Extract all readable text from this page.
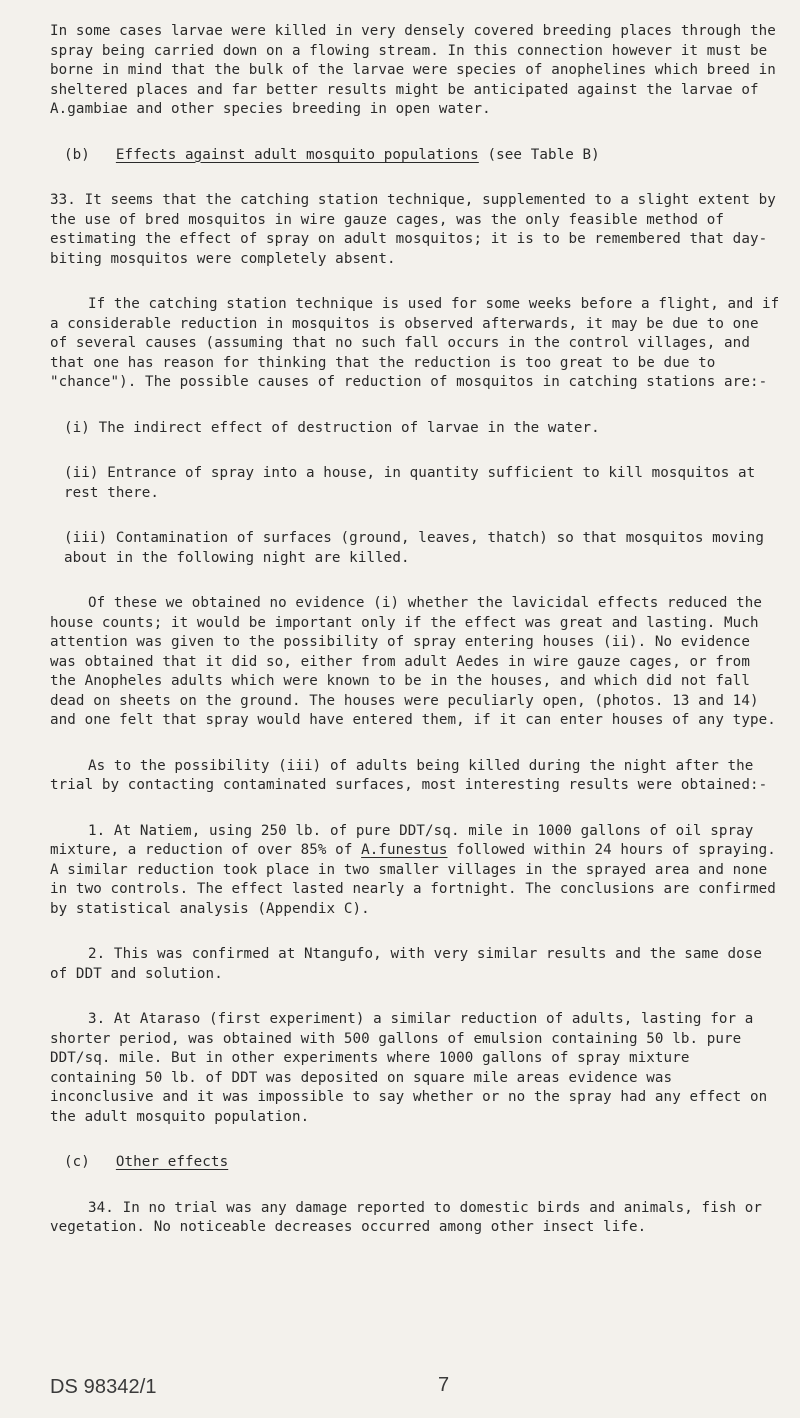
In some cases larvae were killed in very densely covered breeding places through the spray being carried down on a flowing stream. In this connection however it must be borne in mind that the bulk of the larvae were species of anophelines which breed in sheltered places and far better results might be anticipated against the larvae of A.gambiae and other species breeding in open water.

(b) Effects against adult mosquito populations (see Table B)

33. It seems that the catching station technique, supplemented to a slight extent by the use of bred mosquitos in wire gauze cages, was the only feasible method of estimating the effect of spray on adult mosquitos; it is to be remembered that day-biting mosquitos were completely absent.

If the catching station technique is used for some weeks before a flight, and if a considerable reduction in mosquitos is observed afterwards, it may be due to one of several causes (assuming that no such fall occurs in the control villages, and that one has reason for thinking that the reduction is too great to be due to "chance"). The possible causes of reduction of mosquitos in catching stations are:-

(i) The indirect effect of destruction of larvae in the water.

(ii) Entrance of spray into a house, in quantity sufficient to kill mosquitos at rest there.

(iii) Contamination of surfaces (ground, leaves, thatch) so that mosquitos moving about in the following night are killed.

Of these we obtained no evidence (i) whether the lavicidal effects reduced the house counts; it would be important only if the effect was great and lasting. Much attention was given to the possibility of spray entering houses (ii). No evidence was obtained that it did so, either from adult Aedes in wire gauze cages, or from the Anopheles adults which were known to be in the houses, and which did not fall dead on sheets on the ground. The houses were peculiarly open, (photos. 13 and 14) and one felt that spray would have entered them, if it can enter houses of any type.

As to the possibility (iii) of adults being killed during the night after the trial by contacting contaminated surfaces, most interesting results were obtained:-

1. At Natiem, using 250 lb. of pure DDT/sq. mile in 1000 gallons of oil spray mixture, a reduction of over 85% of A.funestus followed within 24 hours of spraying. A similar reduction took place in two smaller villages in the sprayed area and none in two controls. The effect lasted nearly a fortnight. The conclusions are confirmed by statistical analysis (Appendix C).

2. This was confirmed at Ntangufo, with very similar results and the same dose of DDT and solution.

3. At Ataraso (first experiment) a similar reduction of adults, lasting for a shorter period, was obtained with 500 gallons of emulsion containing 50 lb. pure DDT/sq. mile. But in other experiments where 1000 gallons of spray mixture containing 50 lb. of DDT was deposited on square mile areas evidence was inconclusive and it was impossible to say whether or no the spray had any effect on the adult mosquito population.

(c) Other effects

34. In no trial was any damage reported to domestic birds and animals, fish or vegetation. No noticeable decreases occurred among other insect life.

DS 98342/1	7
